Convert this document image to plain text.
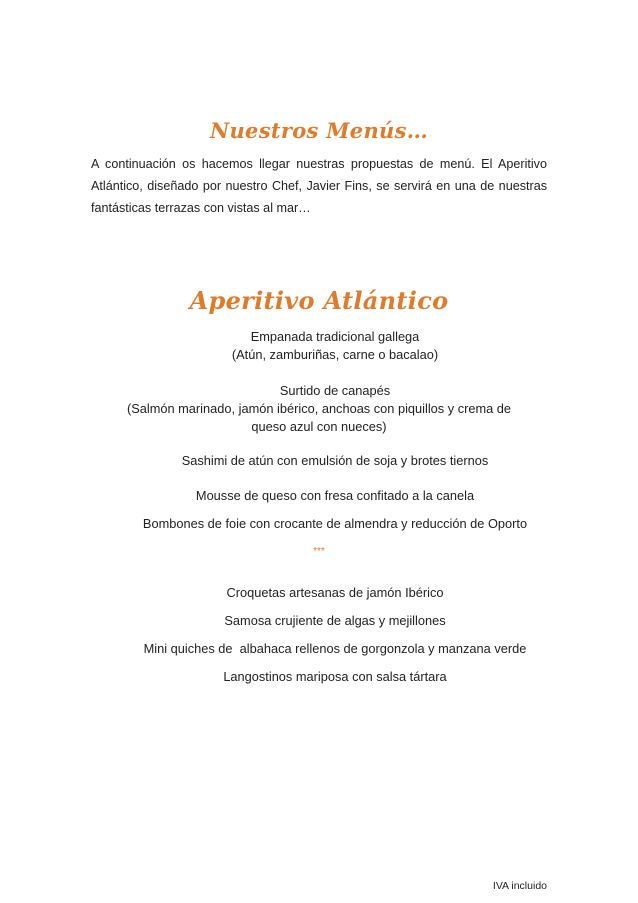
Nuestros Menús…
A continuación os hacemos llegar nuestras propuestas de menú. El Aperitivo Atlántico, diseñado por nuestro Chef, Javier Fins, se servirá en una de nuestras fantásticas terrazas con vistas al mar…
Aperitivo Atlántico
Empanada tradicional gallega
(Atún, zamburiñas, carne o bacalao)
Surtido de canapés
(Salmón marinado, jamón ibérico, anchoas con piquillos y crema de queso azul con nueces)
Sashimi de atún con emulsión de soja y brotes tiernos
Mousse de queso con fresa confitado a la canela
Bombones de foie con crocante de almendra y reducción de Oporto
***
Croquetas artesanas de jamón Ibérico
Samosa crujiente de algas y mejillones
Mini quiches de  albahaca rellenos de gorgonzola y manzana verde
Langostinos mariposa con salsa tártara
IVA incluido
